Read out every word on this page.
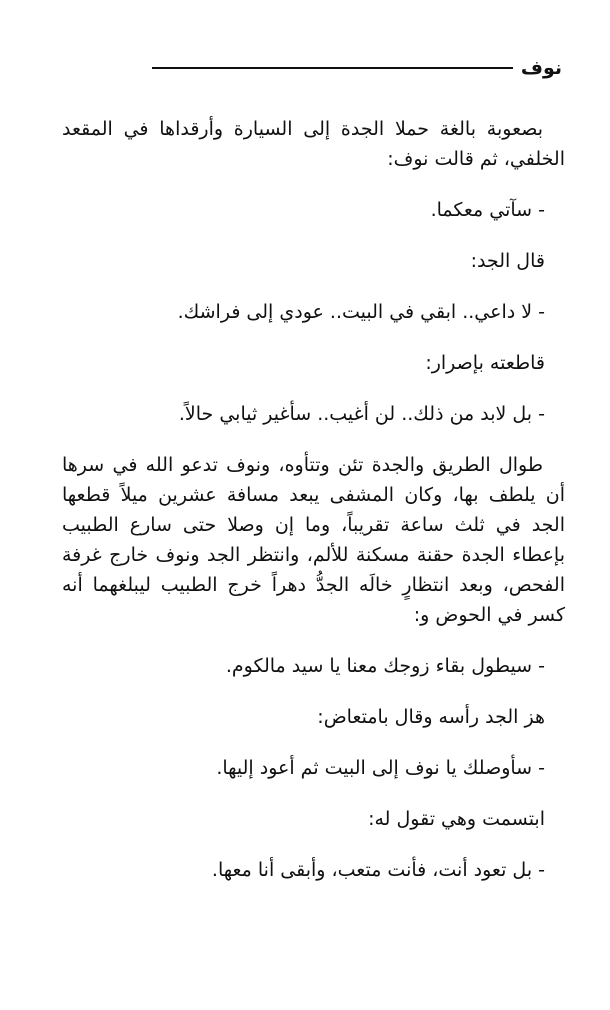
نوف

بصعوبة بالغة حملا الجدة إلى السيارة وأرقداها في المقعد الخلفي، ثم قالت نوف:

- سآتي معكما.

قال الجد:

- لا داعي.. ابقي في البيت.. عودي إلى فراشك.

قاطعته بإصرار:

- بل لابد من ذلك.. لن أغيب.. سأغير ثيابي حالاً.

طوال الطريق والجدة تئن وتتأوه، ونوف تدعو الله في سرها أن يلطف بها، وكان المشفى يبعد مسافة عشرين ميلاً قطعها الجد في ثلث ساعة تقريباً، وما إن وصلا حتى سارع الطبيب بإعطاء الجدة حقنة مسكنة للألم، وانتظر الجد ونوف خارج غرفة الفحص، وبعد انتظارٍ خالَه الجدُّ دهراً خرج الطبيب ليبلغهما أنه كسر في الحوض و:

- سيطول بقاء زوجك معنا يا سيد مالكوم.

هز الجد رأسه وقال بامتعاض:

- سأوصلك يا نوف إلى البيت ثم أعود إليها.

ابتسمت وهي تقول له:

- بل تعود أنت، فأنت متعب، وأبقى أنا معها.
